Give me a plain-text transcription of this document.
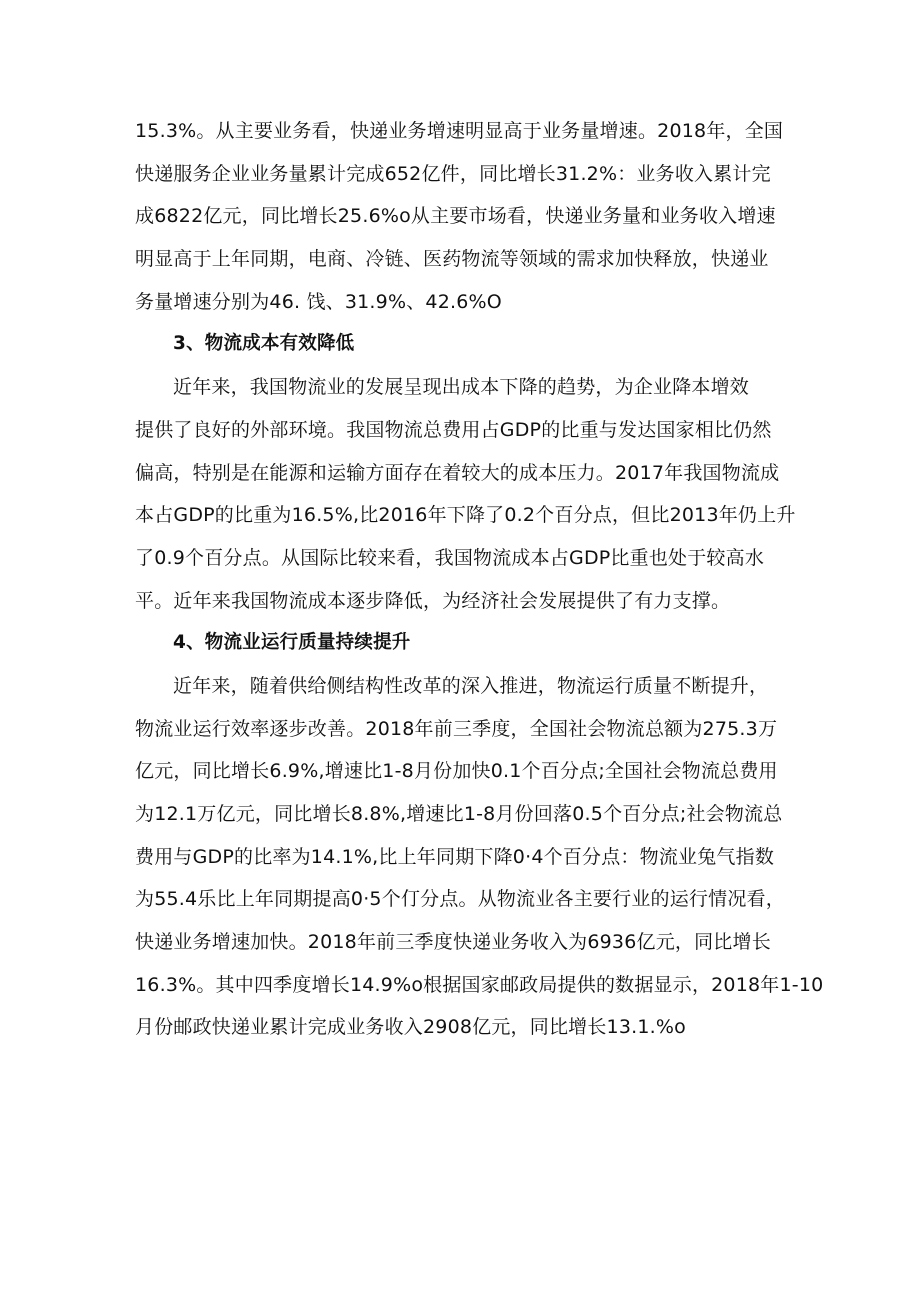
15.3%。从主要业务看，快递业务增速明显高于业务量增速。2018年，全国
快递服务企业业务量累计完成652亿件，同比增长31.2%：业务收入累计完
成6822亿元，同比增长25.6%o从主要市场看，快递业务量和业务收入增速
明显高于上年同期，电商、冷链、医药物流等领域的需求加快释放，快递业
务量增速分别为46. 饯、31.9%、42.6%O
3、物流成本有效降低
近年来，我国物流业的发展呈现出成本下降的趋势，为企业降本增效
提供了良好的外部环境。我国物流总费用占GDP的比重与发达国家相比仍然
偏高，特别是在能源和运输方面存在着较大的成本压力。2017年我国物流成
本占GDP的比重为16.5%,比2016年下降了0.2个百分点，但比2013年仍上升
了0.9个百分点。从国际比较来看，我国物流成本占GDP比重也处于较高水
平。近年来我国物流成本逐步降低，为经济社会发展提供了有力支撑。
4、物流业运行质量持续提升
近年来，随着供给侧结构性改革的深入推进，物流运行质量不断提升，
物流业运行效率逐步改善。2018年前三季度，全国社会物流总额为275.3万
亿元，同比增长6.9%,增速比1-8月份加快0.1个百分点;全国社会物流总费用
为12.1万亿元，同比增长8.8%,增速比1-8月份回落0.5个百分点;社会物流总
费用与GDP的比率为14.1%,比上年同期下降0·4个百分点：物流业兔气指数
为55.4乐比上年同期提高0·5个仃分点。从物流业各主要行业的运行情况看，
快递业务增速加快。2018年前三季度快递业务收入为6936亿元，同比增长
16.3%。其中四季度增长14.9%o根据国家邮政局提供的数据显示，2018年1-10
月份邮政快递业累计完成业务收入2908亿元，同比增长13.1.%o
